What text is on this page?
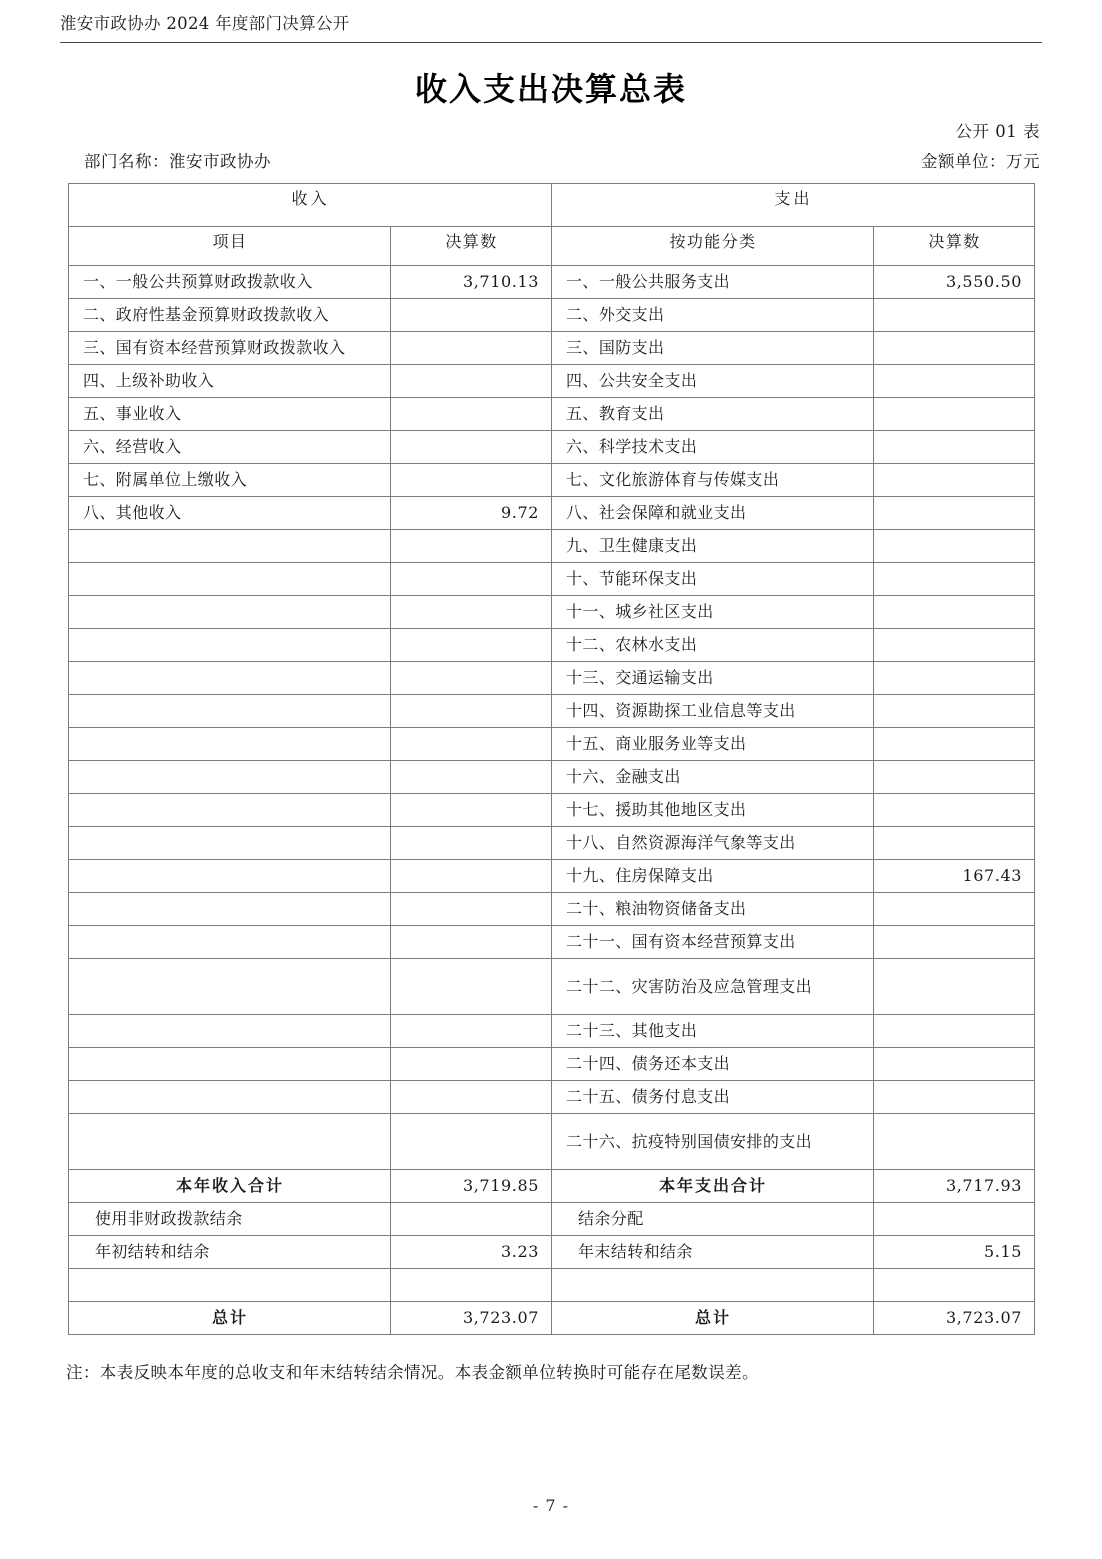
淮安市政协办 2024 年度部门决算公开
收入支出决算总表
公开 01 表
金额单位：万元
部门名称：淮安市政协办
收入		支出	

项目	决算数	按功能分类	决算数

一、一般公共预算财政拨款收入	3,710.13	一、一般公共服务支出	3,550.50

二、政府性基金预算财政拨款收入		二、外交支出	

三、国有资本经营预算财政拨款收入		三、国防支出	

四、上级补助收入		四、公共安全支出	

五、事业收入		五、教育支出	

六、经营收入		六、科学技术支出	

七、附属单位上缴收入		七、文化旅游体育与传媒支出	

八、其他收入	9.72	八、社会保障和就业支出	

		九、卫生健康支出	

		十、节能环保支出	

		十一、城乡社区支出	

		十二、农林水支出	

		十三、交通运输支出	

		十四、资源勘探工业信息等支出	

		十五、商业服务业等支出	

		十六、金融支出	

		十七、援助其他地区支出	

		十八、自然资源海洋气象等支出	

		十九、住房保障支出	167.43

		二十、粮油物资储备支出	

		二十一、国有资本经营预算支出	

		二十二、灾害防治及应急管理支出	

		二十三、其他支出	

		二十四、债务还本支出	

		二十五、债务付息支出	

		二十六、抗疫特别国债安排的支出	

本年收入合计	3,719.85	本年支出合计	3,717.93

使用非财政拨款结余		结余分配	

年初结转和结余	3.23	年末结转和结余	5.15

总计	3,723.07	总计	3,723.07
注：本表反映本年度的总收支和年末结转结余情况。本表金额单位转换时可能存在尾数误差。
- 7 -
